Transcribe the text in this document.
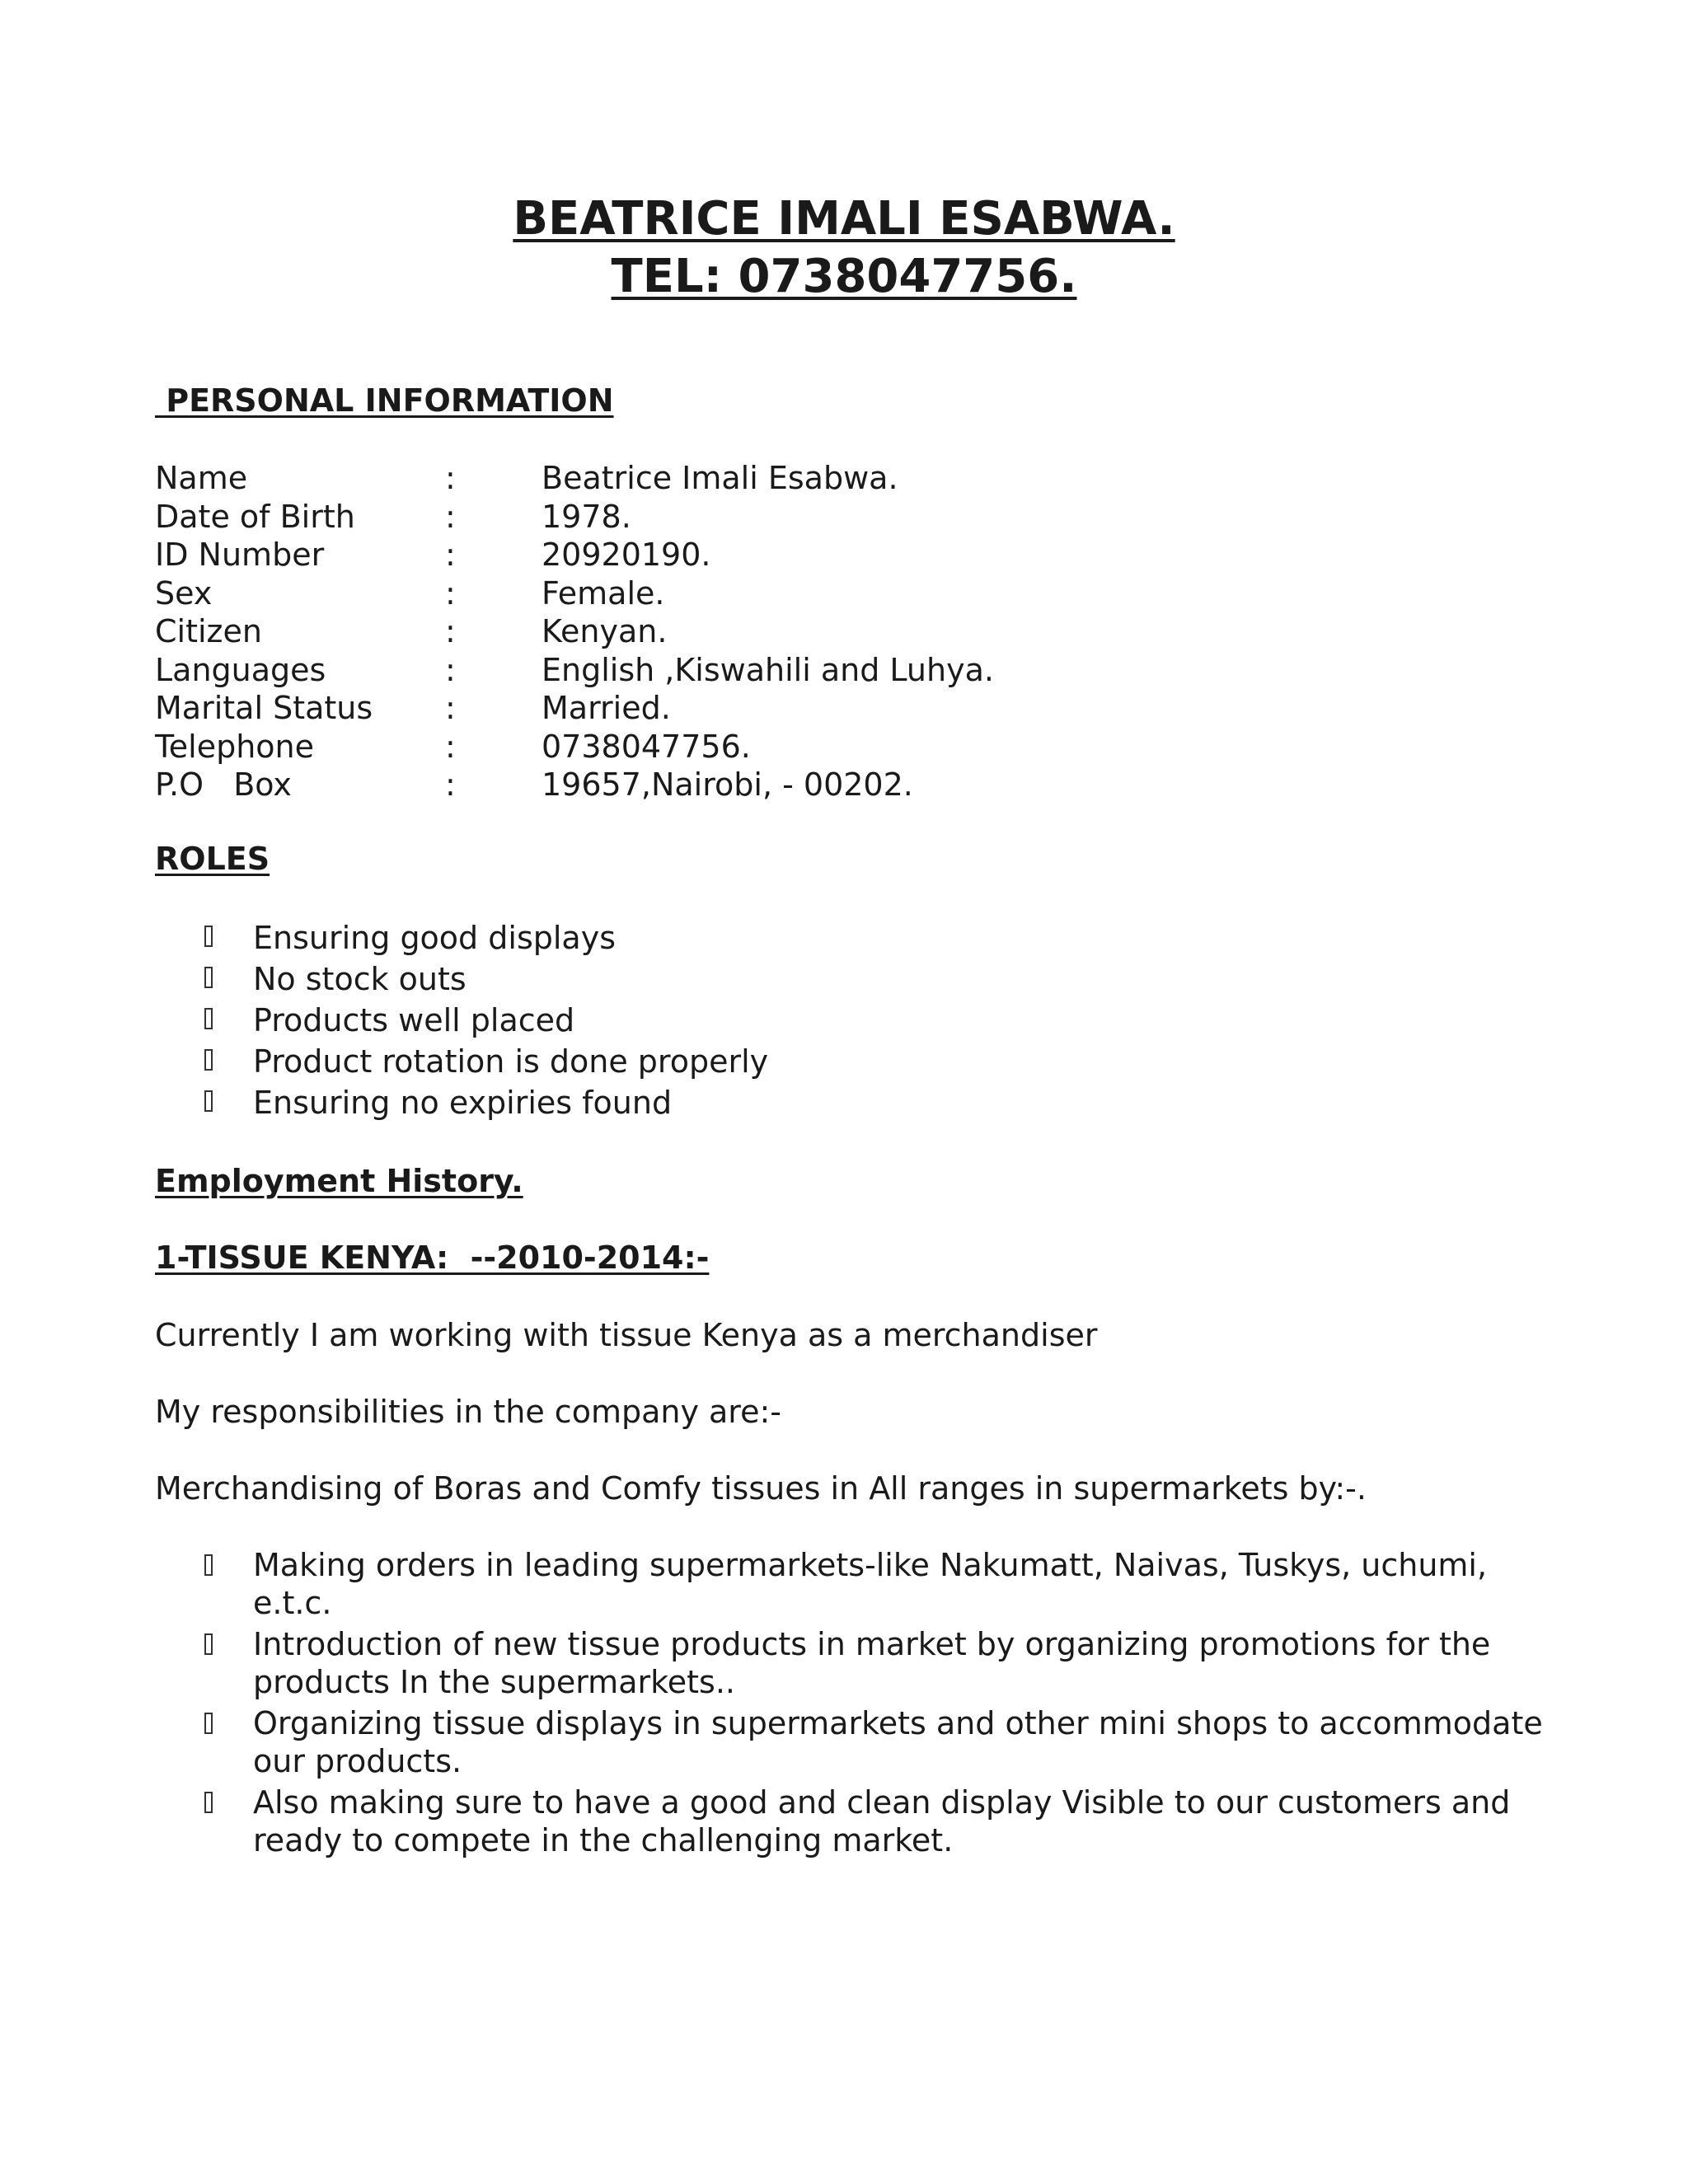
BEATRICE IMALI ESABWA.
TEL: 0738047756.
PERSONAL INFORMATION
Name	:	Beatrice Imali Esabwa.
Date of Birth	:	1978.
ID Number	:	20920190.
Sex	:	Female.
Citizen	:	Kenyan.
Languages	:	English ,Kiswahili and Luhya.
Marital Status :	Married.
Telephone	:	0738047756.
P.O   Box	:	19657,Nairobi, - 00202.
ROLES
Ensuring good displays
No stock outs
Products well placed
Product rotation is done properly
Ensuring no expiries found
Employment History.
1-TISSUE KENYA:  --2010-2014:-

Currently I am working with tissue Kenya as a merchandiser

My responsibilities in the company are:-

Merchandising of Boras and Comfy tissues in All ranges in supermarkets by:-.

Making orders in leading supermarkets-like Nakumatt, Naivas, Tuskys, uchumi, e.t.c.
Introduction of new tissue products in market by organizing promotions for the products In the supermarkets..
Organizing tissue displays in supermarkets and other mini shops to accommodate our products.
Also making sure to have a good and clean display Visible to our customers and ready to compete in the challenging market.
